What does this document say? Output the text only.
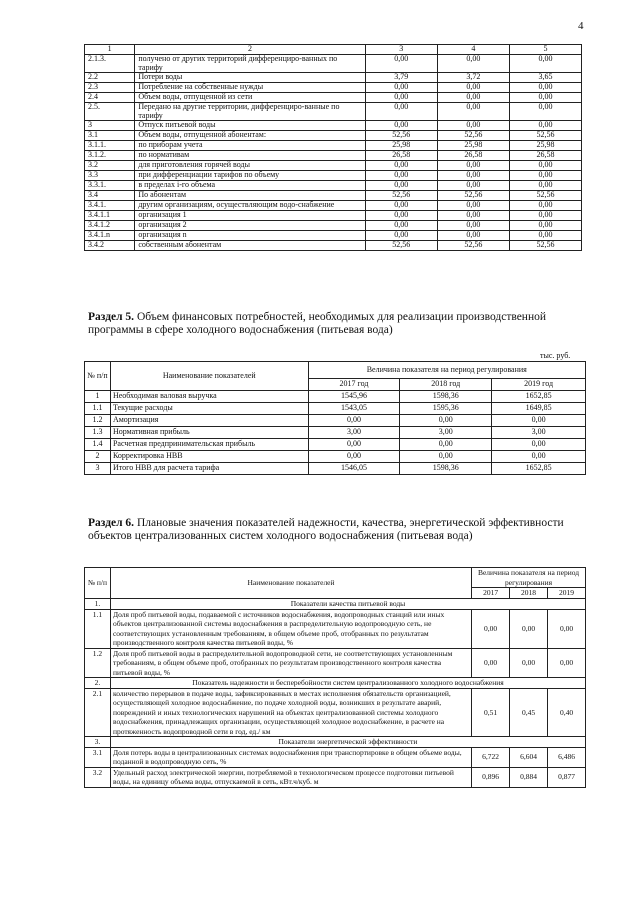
4
1	2	3	4	5
2.1.3.	получено от других территорий дифференциро-ванных по тарифу	0,00	0,00	0,00
2.2	Потери воды	3,79	3,72	3,65
2.3	Потребление на собственные нужды	0,00	0,00	0,00
2.4	Объем воды, отпущенной из сети	0,00	0,00	0,00
2.5.	Передано на другие территории, дифференциро-ванные по тарифу	0,00	0,00	0,00
3	Отпуск питьевой воды	0,00	0,00	0,00
3.1	Объем воды, отпущенной абонентам:	52,56	52,56	52,56
3.1.1.	по приборам учета	25,98	25,98	25,98
3.1.2.	по нормативам	26,58	26,58	26,58
3.2	для приготовления горячей воды	0,00	0,00	0,00
3.3	при дифференциации тарифов по объему	0,00	0,00	0,00
3.3.1.	в пределах i-го объема	0,00	0,00	0,00
3.4	По абонентам	52,56	52,56	52,56
3.4.1.	другим организациям, осуществляющим водо-снабжение	0,00	0,00	0,00
3.4.1.1	организация 1	0,00	0,00	0,00
3.4.1.2	организация 2	0,00	0,00	0,00
3.4.1.n	организация n	0,00	0,00	0,00
3.4.2	собственным абонентам	52,56	52,56	52,56
Раздел 5. Объем финансовых потребностей, необходимых для реализации производственной программы в сфере холодного водоснабжения (питьевая вода)
тыс. руб.
№ п/п	Наименование показателей	Величина показателя на период регулирования		
		2017 год	2018 год	2019 год
1	Необходимая валовая выручка	1545,96	1598,36	1652,85
1.1	Текущие расходы	1543,05	1595,36	1649,85
1.2	Амортизация	0,00	0,00	0,00
1.3	Нормативная прибыль	3,00	3,00	3,00
1.4	Расчетная предпринимательская прибыль	0,00	0,00	0,00
2	Корректировка НВВ	0,00	0,00	0,00
3	Итого НВВ для расчета тарифа	1546,05	1598,36	1652,85
Раздел 6. Плановые значения показателей надежности, качества, энергетической эффективности объектов централизованных систем холодного водоснабжения (питьевая вода)
№ п/п	Наименование показателей	Величина показателя на период регулирования		
		2017	2018	2019
1.	Показатели качества питьевой воды			
1.1	Доля проб питьевой воды, подаваемой с источников водоснабжения, водопроводных станций или иных объектов централизованной системы водоснабжения в распределительную водопроводную сеть, не соответствующих установленным требованиям, в общем объеме проб, отобранных по результатам производственного контроля качества питьевой воды, %	0,00	0,00	0,00
1.2	Доля проб питьевой воды в распределительной водопроводной сети, не соответствующих установленным требованиям, в общем объеме проб, отобранных по результатам производственного контроля качества питьевой воды, %	0,00	0,00	0,00
2.	Показатель надежности и бесперебойности систем централизованного холодного водоснабжения			
2.1	количество перерывов в подаче воды, зафиксированных в местах исполнения обязательств организацией, осуществляющей холодное водоснабжение, по подаче холодной воды, возникших в результате аварий, повреждений и иных технологических нарушений на объектах централизованной системы холодного водоснабжения, принадлежащих организации, осуществляющей холодное водоснабжение, в расчете на протяженность водопроводной сети в год, ед./ км	0,51	0,45	0,40
3.	Показатели энергетической эффективности			
3.1	Доля потерь воды в централизованных системах водоснабжения при транспортировке в общем объеме воды, поданной в водопроводную сеть, %	6,722	6,604	6,486
3.2	Удельный расход электрической энергии, потребляемой в технологическом процессе подготовки питьевой воды, на единицу объема воды, отпускаемой в сеть, кВт.ч/куб. м	0,896	0,884	0,877
